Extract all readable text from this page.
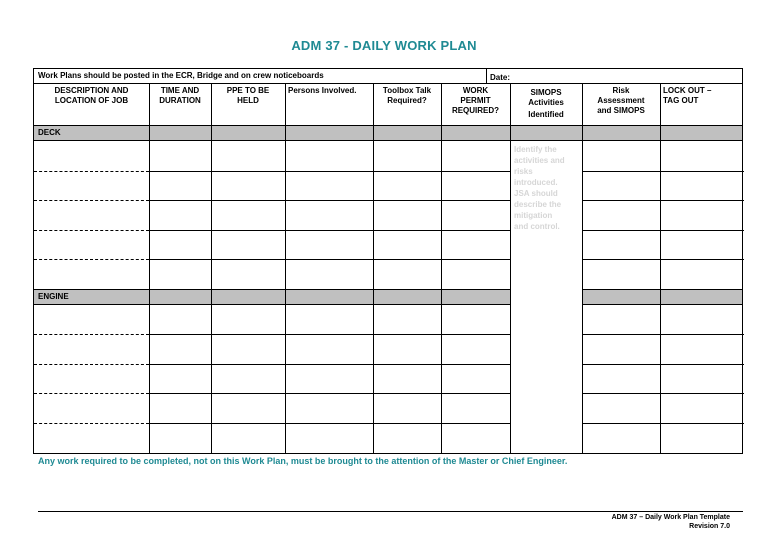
ADM 37 - DAILY WORK PLAN
Work Plans should be posted in the ECR, Bridge and on crew noticeboards	Date:
DESCRIPTION AND
LOCATION OF JOB
TIME AND
DURATION
PPE TO BE
HELD
Persons Involved.	Toolbox Talk
Required?
WORK
PERMIT
REQUIRED?
SIMOPS
Activities
Identified
Risk
Assessment
and SIMOPS
LOCK OUT –
TAG OUT
DECK
ENGINE
Identify the
activities and
risks
introduced.
JSA should
describe the
mitigation
and control.
Any work required to be completed, not on this Work Plan, must be brought to the attention of the Master or Chief Engineer.
ADM 37 – Daily Work Plan Template
Revision 7.0
